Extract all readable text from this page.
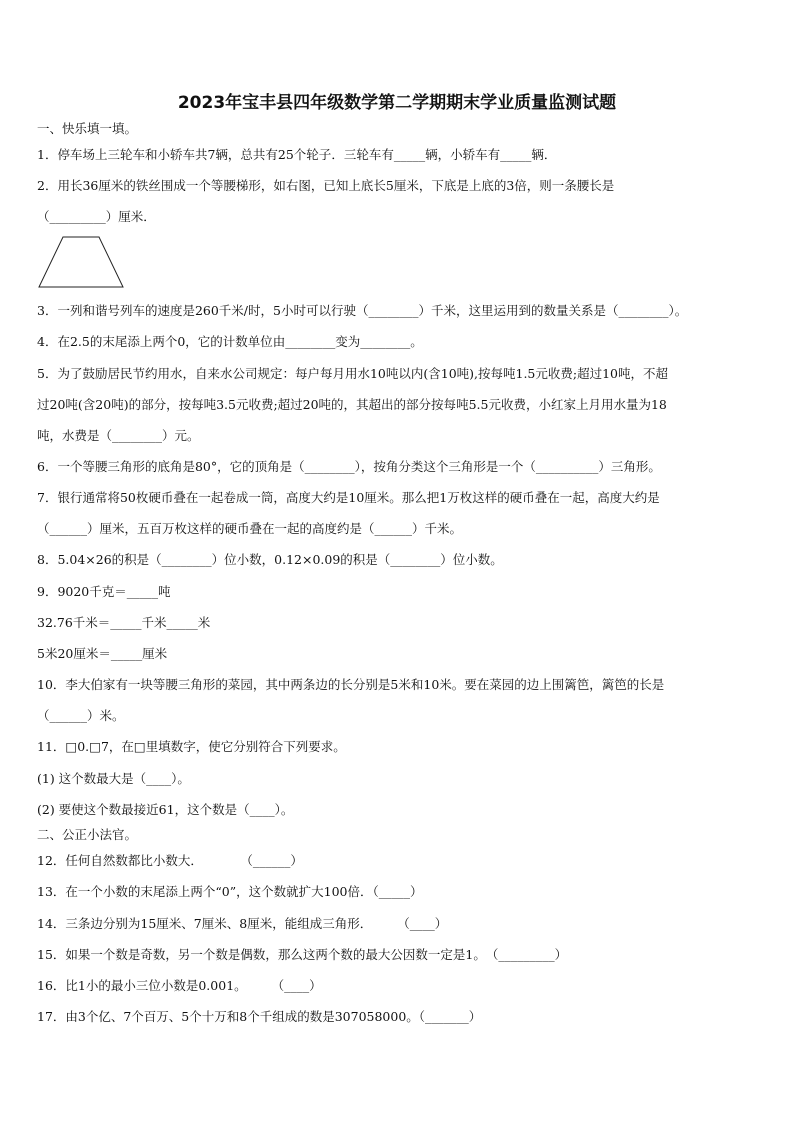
2023年宝丰县四年级数学第二学期期末学业质量监测试题
一、快乐填一填。
1．停车场上三轮车和小轿车共7辆，总共有25个轮子．三轮车有_____辆，小轿车有_____辆．
2．用长36厘米的铁丝围成一个等腰梯形，如右图，已知上底长5厘米，下底是上底的3倍，则一条腰长是
（_________）厘米．
3．一列和谐号列车的速度是260千米/时，5小时可以行驶（________）千米，这里运用到的数量关系是（________）。
4．在2.5的末尾添上两个0，它的计数单位由________变为________。
5．为了鼓励居民节约用水，自来水公司规定：每户每月用水10吨以内(含10吨),按每吨1.5元收费;超过10吨，不超
过20吨(含20吨)的部分，按每吨3.5元收费;超过20吨的，其超出的部分按每吨5.5元收费，小红家上月用水量为18
吨，水费是（________）元。
6．一个等腰三角形的底角是80°，它的顶角是（________），按角分类这个三角形是一个（__________）三角形。
7．银行通常将50枚硬币叠在一起卷成一筒，高度大约是10厘米。那么把1万枚这样的硬币叠在一起，高度大约是
（______）厘米，五百万枚这样的硬币叠在一起的高度约是（______）千米。
8．5.04×26的积是（________）位小数，0.12×0.09的积是（________）位小数。
9．9020千克＝_____吨
32.76千米＝_____千米_____米
5米20厘米＝_____厘米
10．李大伯家有一块等腰三角形的菜园，其中两条边的长分别是5米和10米。要在菜园的边上围篱笆，篱笆的长是
（______）米。
11．□0.□7，在□里填数字，使它分别符合下列要求。
(1) 这个数最大是（____）。
(2) 要使这个数最接近61，这个数是（____）。
二、公正小法官。
12．任何自然数都比小数大．　　　　（______）
13．在一个小数的末尾添上两个“0”，这个数就扩大100倍．（_____）
14．三条边分别为15厘米、7厘米、8厘米，能组成三角形．　　　（____）
15．如果一个数是奇数，另一个数是偶数，那么这两个数的最大公因数一定是1。　（_________）
16．比1小的最小三位小数是0.001。　　　（____）
17．由3个亿、7个百万、5个十万和8个千组成的数是307058000。（_______）
